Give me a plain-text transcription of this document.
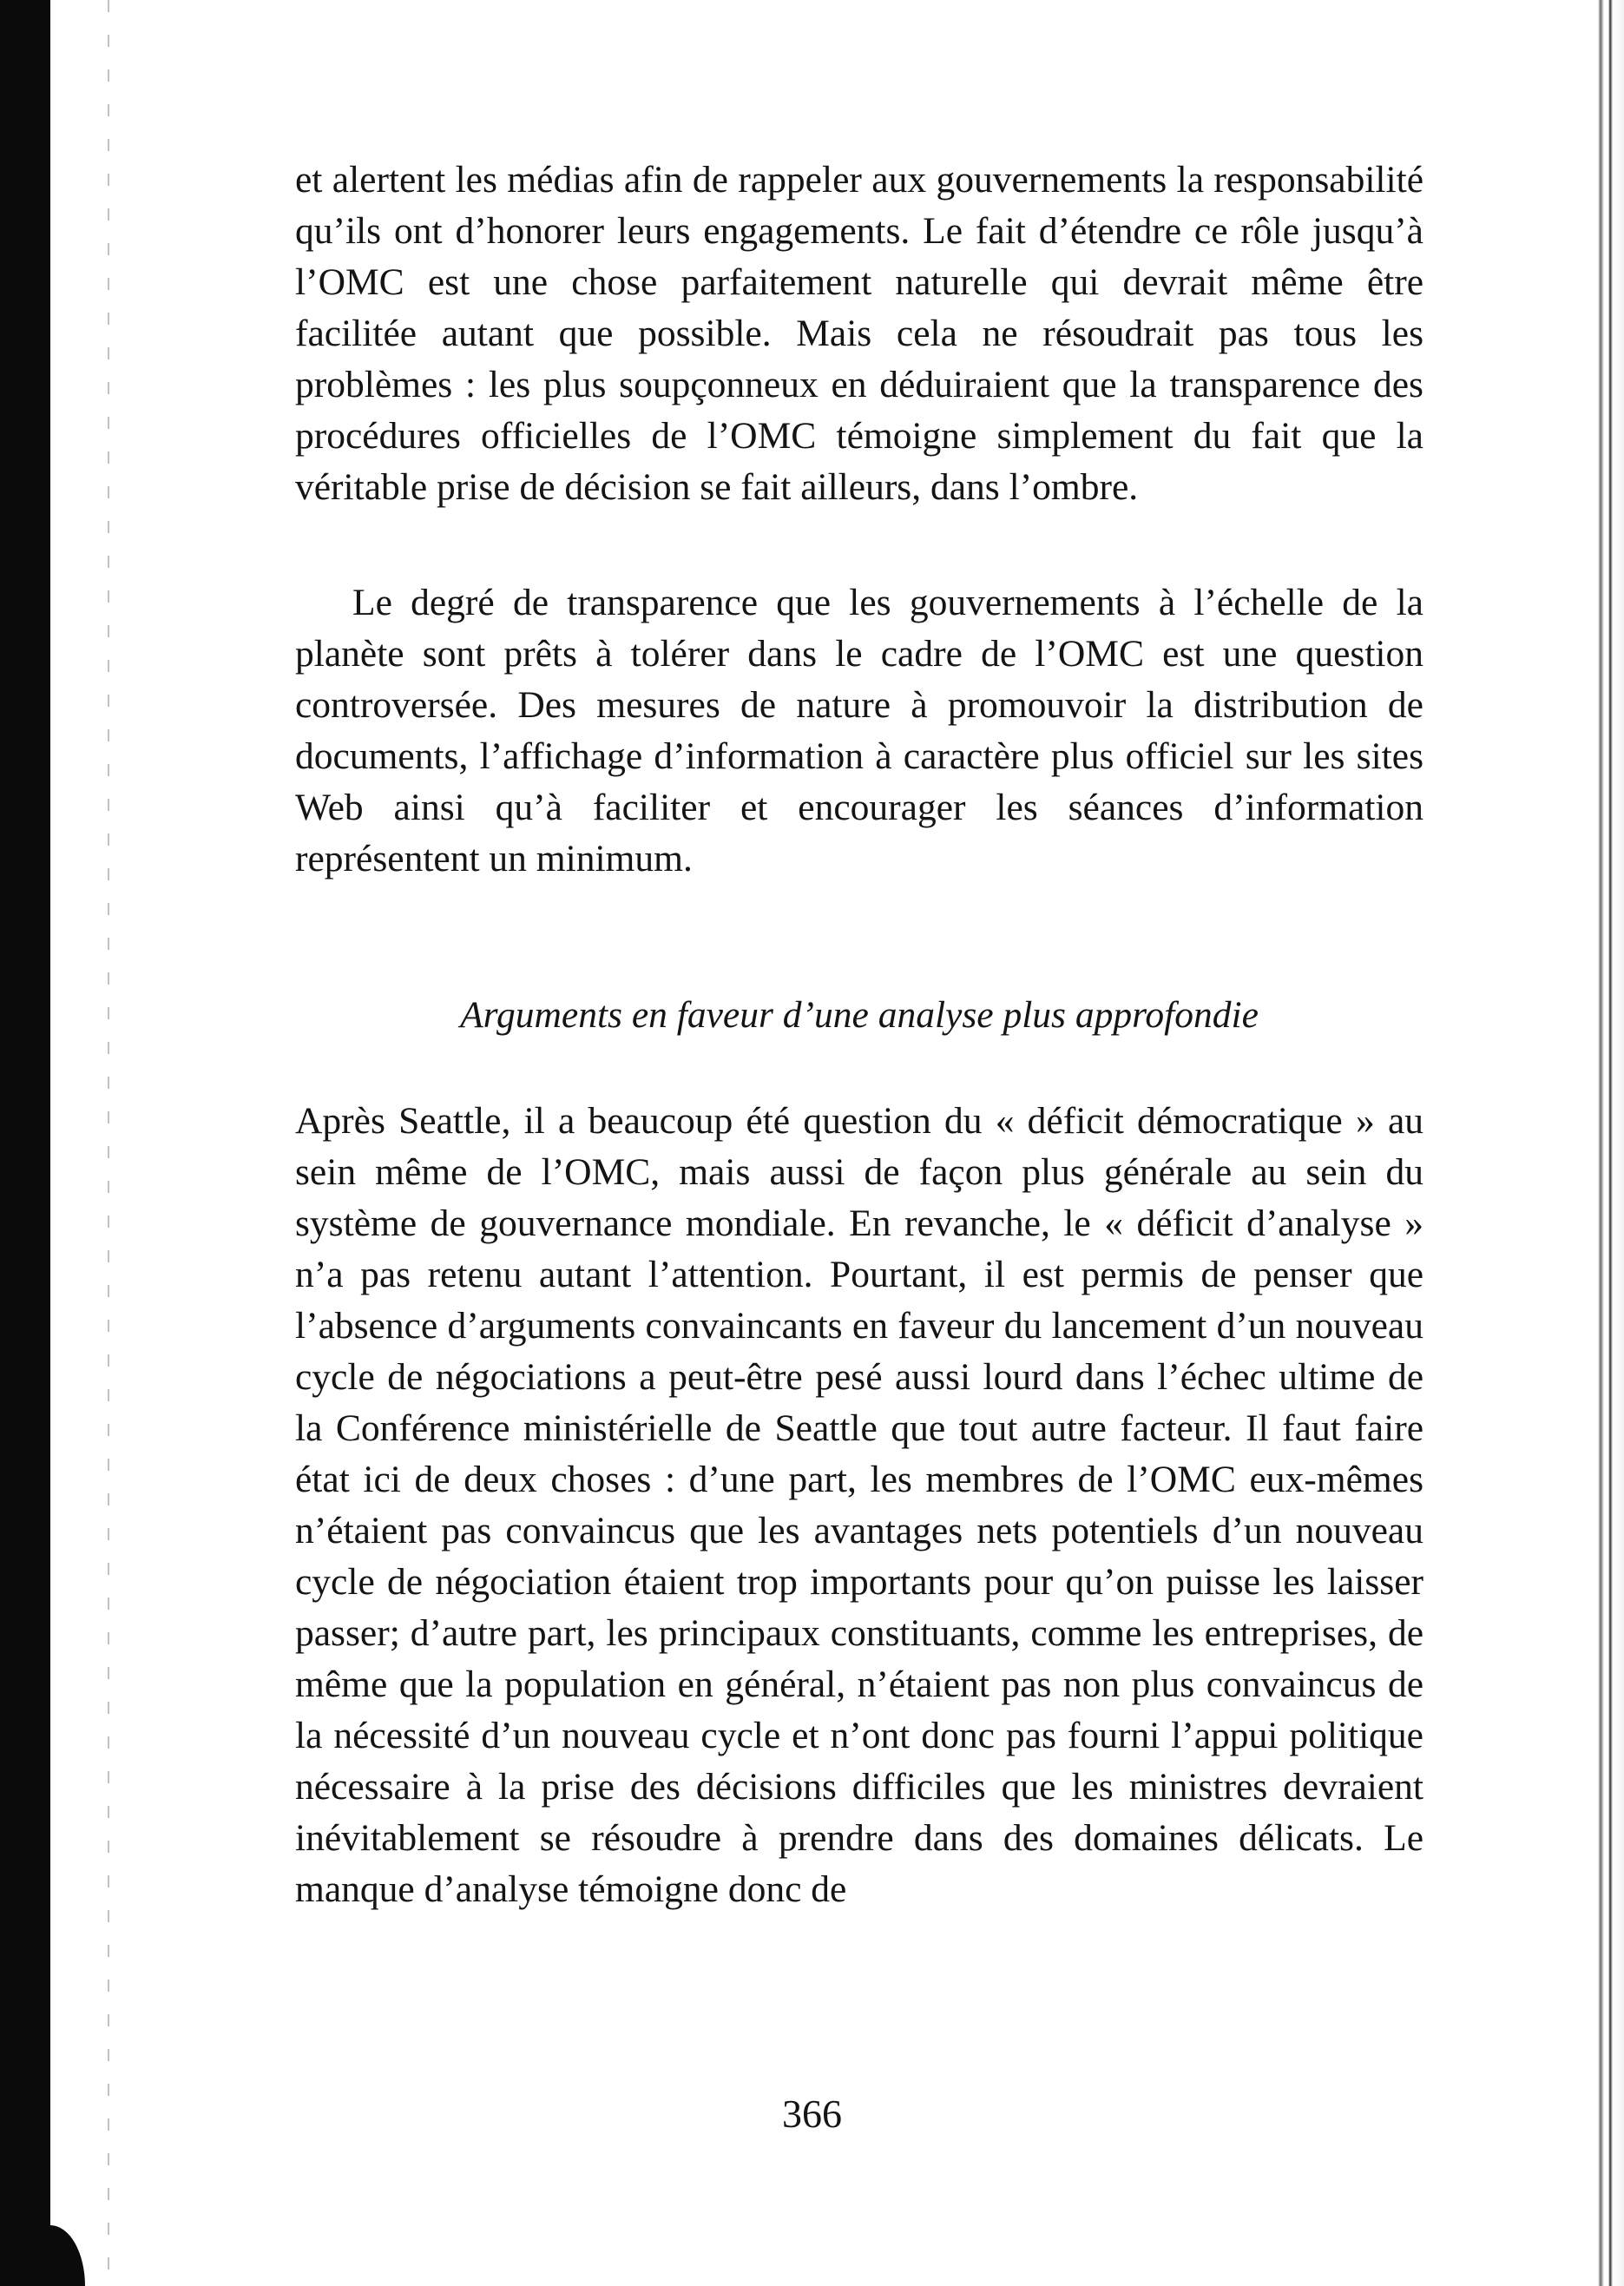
et alertent les médias afin de rappeler aux gouvernements la responsabilité qu’ils ont d’honorer leurs engagements. Le fait d’étendre ce rôle jusqu’à l’OMC est une chose parfaitement naturelle qui devrait même être facilitée autant que possible. Mais cela ne résoudrait pas tous les problèmes : les plus soupçonneux en déduiraient que la transparence des procédures officielles de l’OMC témoigne simplement du fait que la véritable prise de décision se fait ailleurs, dans l’ombre.

Le degré de transparence que les gouvernements à l’échelle de la planète sont prêts à tolérer dans le cadre de l’OMC est une question controversée. Des mesures de nature à promouvoir la distribution de documents, l’affichage d’information à caractère plus officiel sur les sites Web ainsi qu’à faciliter et encourager les séances d’information représentent un minimum.

Arguments en faveur d’une analyse plus approfondie

Après Seattle, il a beaucoup été question du « déficit démocratique » au sein même de l’OMC, mais aussi de façon plus générale au sein du système de gouvernance mondiale. En revanche, le « déficit d’analyse » n’a pas retenu autant l’attention. Pourtant, il est permis de penser que l’absence d’arguments convaincants en faveur du lancement d’un nouveau cycle de négociations a peut-être pesé aussi lourd dans l’échec ultime de la Conférence ministérielle de Seattle que tout autre facteur. Il faut faire état ici de deux choses : d’une part, les membres de l’OMC eux-mêmes n’étaient pas convaincus que les avantages nets potentiels d’un nouveau cycle de négociation étaient trop importants pour qu’on puisse les laisser passer; d’autre part, les principaux constituants, comme les entreprises, de même que la population en général, n’étaient pas non plus convaincus de la nécessité d’un nouveau cycle et n’ont donc pas fourni l’appui politique nécessaire à la prise des décisions difficiles que les ministres devraient inévitablement se résoudre à prendre dans des domaines délicats. Le manque d’analyse témoigne donc de

366
